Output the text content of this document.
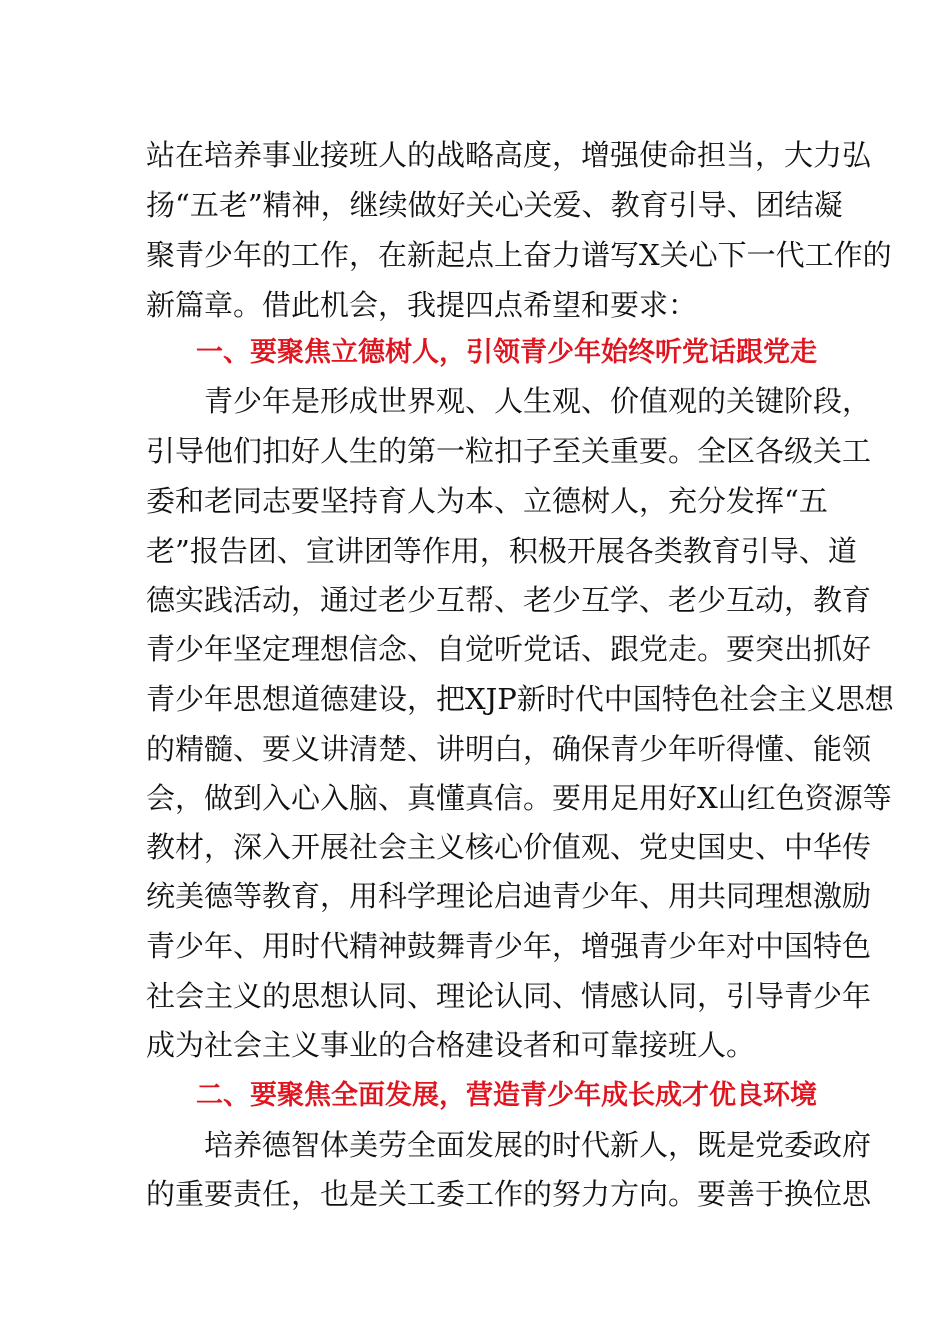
站在培养事业接班人的战略高度，增强使命担当，大力弘
扬“五老”精神，继续做好关心关爱、教育引导、团结凝
聚青少年的工作，在新起点上奋力谱写X关心下一代工作的
新篇章。借此机会，我提四点希望和要求：
一、要聚焦立德树人，引领青少年始终听党话跟党走
青少年是形成世界观、人生观、价值观的关键阶段，
引导他们扣好人生的第一粒扣子至关重要。全区各级关工
委和老同志要坚持育人为本、立德树人，充分发挥“五
老”报告团、宣讲团等作用，积极开展各类教育引导、道
德实践活动，通过老少互帮、老少互学、老少互动，教育
青少年坚定理想信念、自觉听党话、跟党走。要突出抓好
青少年思想道德建设，把XJP新时代中国特色社会主义思想
的精髓、要义讲清楚、讲明白，确保青少年听得懂、能领
会，做到入心入脑、真懂真信。要用足用好X山红色资源等
教材，深入开展社会主义核心价值观、党史国史、中华传
统美德等教育，用科学理论启迪青少年、用共同理想激励
青少年、用时代精神鼓舞青少年，增强青少年对中国特色
社会主义的思想认同、理论认同、情感认同，引导青少年
成为社会主义事业的合格建设者和可靠接班人。
二、要聚焦全面发展，营造青少年成长成才优良环境
培养德智体美劳全面发展的时代新人，既是党委政府
的重要责任，也是关工委工作的努力方向。要善于换位思
